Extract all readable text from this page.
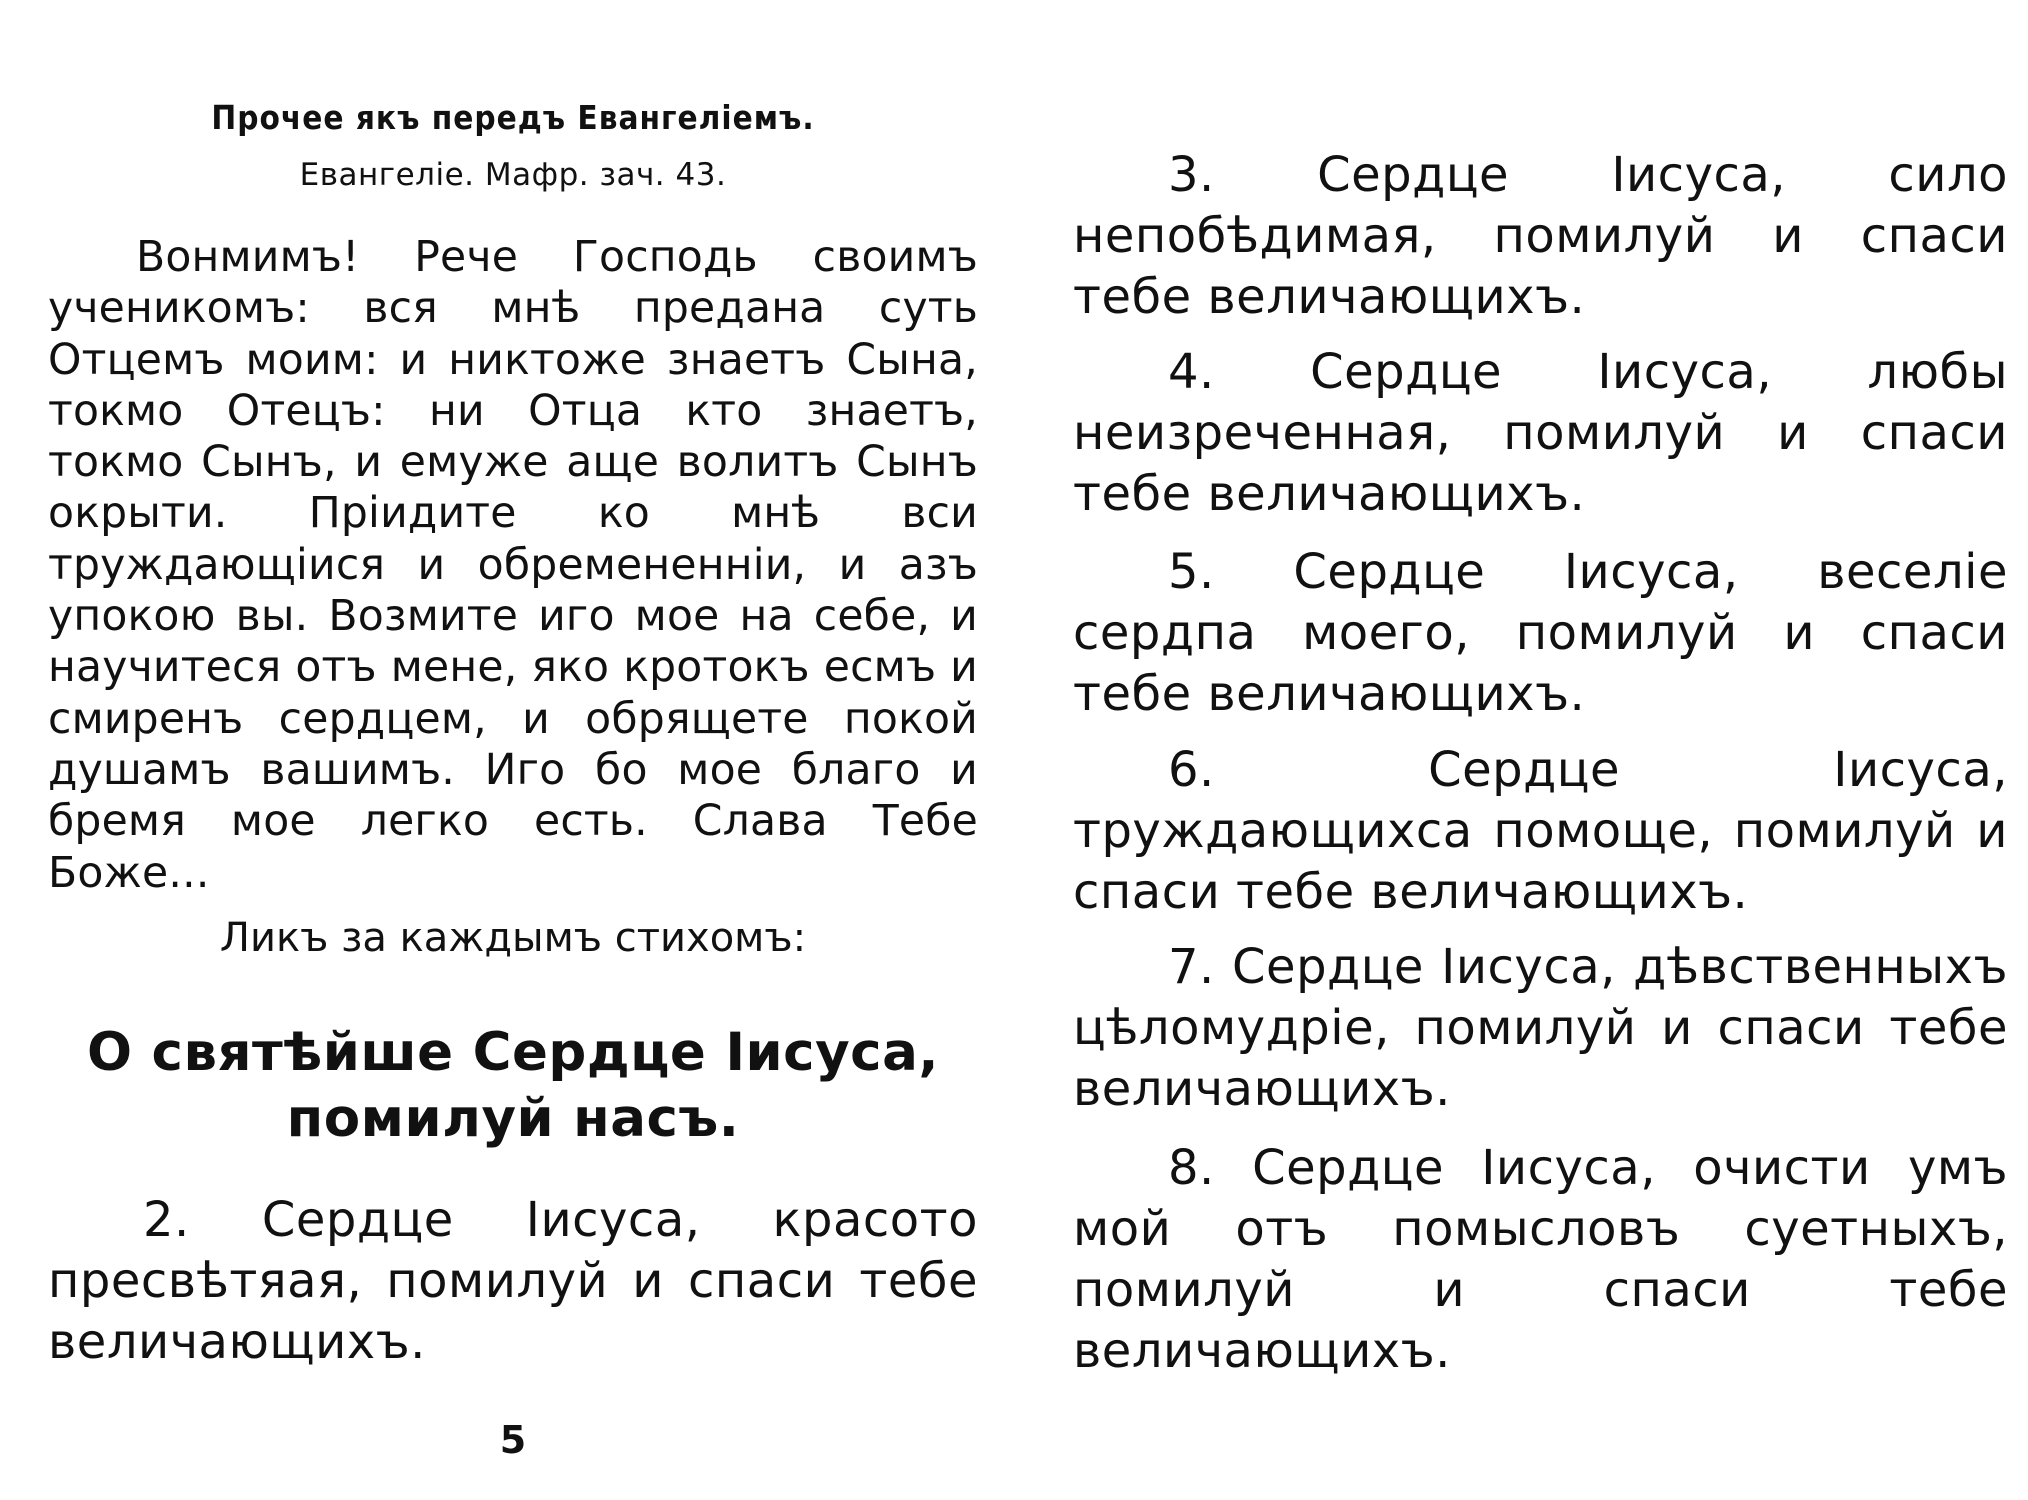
Прочее якъ передъ Евангеліемъ.
Евангеліе. Мафр. зач. 43.

Вонмимъ! Рече Господь своимъ ученикомъ: вся мнѣ предана суть Отцемъ моим: и никтоже знаетъ Сына, токмо Отецъ: ни Отца кто знаетъ, токмо Сынъ, и емуже аще волитъ Сынъ окрыти. Пріидите ко мнѣ вси труждающіися и обремененніи, и азъ упокою вы. Возмите иго мое на себе, и научитеся отъ мене, яко кротокъ есмъ и смиренъ сердцем, и обрящете покой душамъ вашимъ. Иго бо мое благо и бремя мое легко есть. Слава Тебе Боже...

Ликъ за каждымъ стихомъ:

О святѣйше Сердце Іисуса, помилуй насъ.

2. Сердце Іисуса, красото пресвѣтяая, помилуй и спаси тебе величающихъ.

5

3. Сердце Іисуса, сило непобѣдимая, помилуй и спаси тебе величающихъ.

4. Сердце Іисуса, любы неизреченная, помилуй и спаси тебе величающихъ.

5. Сердце Іисуса, веселіе сердпа моего, помилуй и спаси тебе величающихъ.

6. Сердце Іисуса, труждающихса помоще, помилуй и спаси тебе величающихъ.

7. Сердце Іисуса, дѣвственныхъ цѣломудріе, помилуй и спаси тебе величающихъ.

8. Сердце Іисуса, очисти умъ мой отъ помысловъ суетныхъ, помилуй и спаси тебе величающихъ.
